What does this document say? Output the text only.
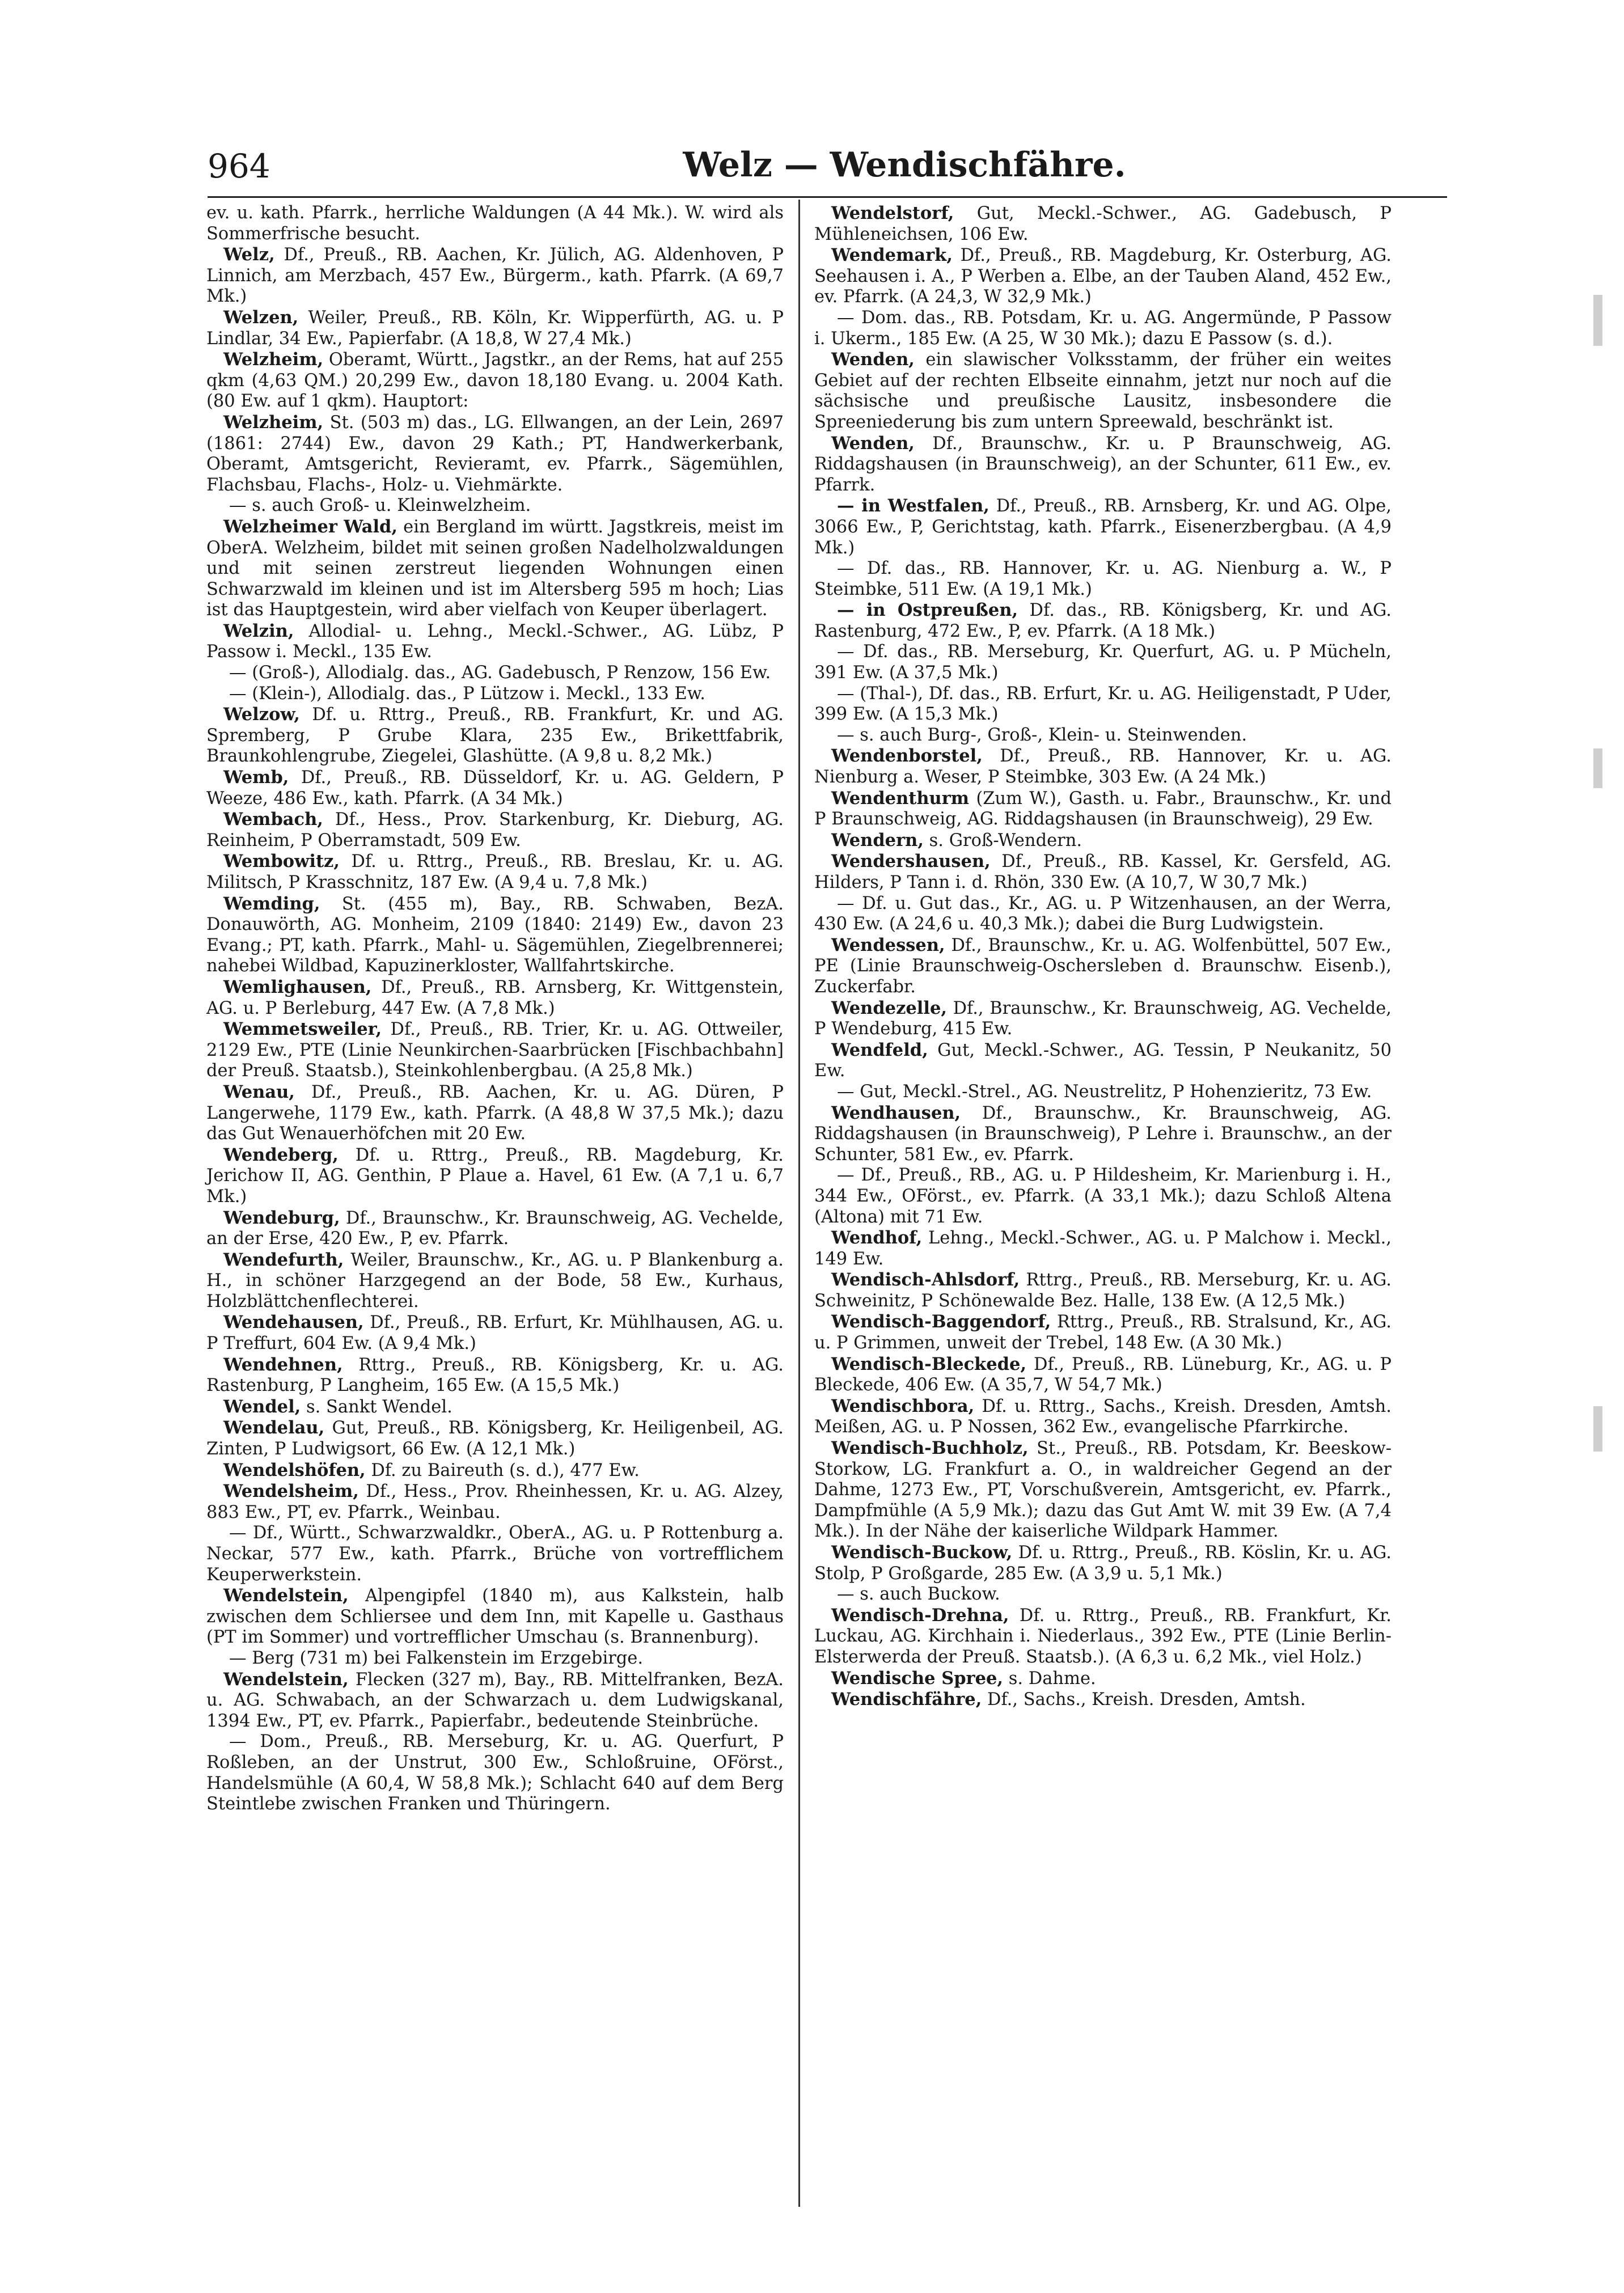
964	Welz — Wendischfähre.

ev. u. kath. Pfarrk., herrliche Waldungen (A 44 Mk.). W. wird als Sommerfrische besucht.

Welz, Df., Preuß., RB. Aachen, Kr. Jülich, AG. Aldenhoven, P Linnich, am Merzbach, 457 Ew., Bürgerm., kath. Pfarrk. (A 69,7 Mk.)

Welzen, Weiler, Preuß., RB. Köln, Kr. Wipperfürth, AG. u. P Lindlar, 34 Ew., Papierfabr. (A 18,8, W 27,4 Mk.)

Welzheim, Oberamt, Württ., Jagstkr., an der Rems, hat auf 255 qkm (4,63 QM.) 20,299 Ew., davon 18,180 Evang. u. 2004 Kath. (80 Ew. auf 1 qkm). Hauptort:

Welzheim, St. (503 m) das., LG. Ellwangen, an der Lein, 2697 (1861: 2744) Ew., davon 29 Kath.; PT, Handwerkerbank, Oberamt, Amtsgericht, Revieramt, ev. Pfarrk., Sägemühlen, Flachsbau, Flachs-, Holz- u. Viehmärkte.

— s. auch Groß- u. Kleinwelzheim.

Welzheimer Wald, ein Bergland im württ. Jagstkreis, meist im OberA. Welzheim, bildet mit seinen großen Nadelholzwaldungen und mit seinen zerstreut liegenden Wohnungen einen Schwarzwald im kleinen und ist im Altersberg 595 m hoch; Lias ist das Hauptgestein, wird aber vielfach von Keuper überlagert.

Welzin, Allodial- u. Lehng., Meckl.-Schwer., AG. Lübz, P Passow i. Meckl., 135 Ew.

— (Groß-), Allodialg. das., AG. Gadebusch, P Renzow, 156 Ew.

— (Klein-), Allodialg. das., P Lützow i. Meckl., 133 Ew.

Welzow, Df. u. Rttrg., Preuß., RB. Frankfurt, Kr. und AG. Spremberg, P Grube Klara, 235 Ew., Brikettfabrik, Braunkohlengrube, Ziegelei, Glashütte. (A 9,8 u. 8,2 Mk.)

Wemb, Df., Preuß., RB. Düsseldorf, Kr. u. AG. Geldern, P Weeze, 486 Ew., kath. Pfarrk. (A 34 Mk.)

Wembach, Df., Hess., Prov. Starkenburg, Kr. Dieburg, AG. Reinheim, P Oberramstadt, 509 Ew.

Wembowitz, Df. u. Rttrg., Preuß., RB. Breslau, Kr. u. AG. Militsch, P Krasschnitz, 187 Ew. (A 9,4 u. 7,8 Mk.)

Wemding, St. (455 m), Bay., RB. Schwaben, BezA. Donauwörth, AG. Monheim, 2109 (1840: 2149) Ew., davon 23 Evang.; PT, kath. Pfarrk., Mahl- u. Sägemühlen, Ziegelbrennerei; nahebei Wildbad, Kapuzinerkloster, Wallfahrtskirche.

Wemlighausen, Df., Preuß., RB. Arnsberg, Kr. Wittgenstein, AG. u. P Berleburg, 447 Ew. (A 7,8 Mk.)

Wemmetsweiler, Df., Preuß., RB. Trier, Kr. u. AG. Ottweiler, 2129 Ew., PTE (Linie Neunkirchen-Saarbrücken [Fischbachbahn] der Preuß. Staatsb.), Steinkohlenbergbau. (A 25,8 Mk.)

Wenau, Df., Preuß., RB. Aachen, Kr. u. AG. Düren, P Langerwehe, 1179 Ew., kath. Pfarrk. (A 48,8 W 37,5 Mk.); dazu das Gut Wenauerhöfchen mit 20 Ew.

Wendeberg, Df. u. Rttrg., Preuß., RB. Magdeburg, Kr. Jerichow II, AG. Genthin, P Plaue a. Havel, 61 Ew. (A 7,1 u. 6,7 Mk.)

Wendeburg, Df., Braunschw., Kr. Braunschweig, AG. Vechelde, an der Erse, 420 Ew., P, ev. Pfarrk.

Wendefurth, Weiler, Braunschw., Kr., AG. u. P Blankenburg a. H., in schöner Harzgegend an der Bode, 58 Ew., Kurhaus, Holzblättchenflechterei.

Wendehausen, Df., Preuß., RB. Erfurt, Kr. Mühlhausen, AG. u. P Treffurt, 604 Ew. (A 9,4 Mk.)

Wendehnen, Rttrg., Preuß., RB. Königsberg, Kr. u. AG. Rastenburg, P Langheim, 165 Ew. (A 15,5 Mk.)

Wendel, s. Sankt Wendel.

Wendelau, Gut, Preuß., RB. Königsberg, Kr. Heiligenbeil, AG. Zinten, P Ludwigsort, 66 Ew. (A 12,1 Mk.)

Wendelshöfen, Df. zu Baireuth (s. d.), 477 Ew.

Wendelsheim, Df., Hess., Prov. Rheinhessen, Kr. u. AG. Alzey, 883 Ew., PT, ev. Pfarrk., Weinbau.

— Df., Württ., Schwarzwaldkr., OberA., AG. u. P Rottenburg a. Neckar, 577 Ew., kath. Pfarrk., Brüche von vortrefflichem Keuperwerkstein.

Wendelstein, Alpengipfel (1840 m), aus Kalkstein, halb zwischen dem Schliersee und dem Inn, mit Kapelle u. Gasthaus (PT im Sommer) und vortrefflicher Umschau (s. Brannenburg).

— Berg (731 m) bei Falkenstein im Erzgebirge.

Wendelstein, Flecken (327 m), Bay., RB. Mittelfranken, BezA. u. AG. Schwabach, an der Schwarzach u. dem Ludwigskanal, 1394 Ew., PT, ev. Pfarrk., Papierfabr., bedeutende Steinbrüche.

— Dom., Preuß., RB. Merseburg, Kr. u. AG. Querfurt, P Roßleben, an der Unstrut, 300 Ew., Schloßruine, OFörst., Handelsmühle (A 60,4, W 58,8 Mk.); Schlacht 640 auf dem Berg Steintlebe zwischen Franken und Thüringern.

Wendelstorf, Gut, Meckl.-Schwer., AG. Gadebusch, P Mühleneichsen, 106 Ew.

Wendemark, Df., Preuß., RB. Magdeburg, Kr. Osterburg, AG. Seehausen i. A., P Werben a. Elbe, an der Tauben Aland, 452 Ew., ev. Pfarrk. (A 24,3, W 32,9 Mk.)

— Dom. das., RB. Potsdam, Kr. u. AG. Angermünde, P Passow i. Ukerm., 185 Ew. (A 25, W 30 Mk.); dazu E Passow (s. d.).

Wenden, ein slawischer Volksstamm, der früher ein weites Gebiet auf der rechten Elbseite einnahm, jetzt nur noch auf die sächsische und preußische Lausitz, insbesondere die Spreeniederung bis zum untern Spreewald, beschränkt ist.

Wenden, Df., Braunschw., Kr. u. P Braunschweig, AG. Riddagshausen (in Braunschweig), an der Schunter, 611 Ew., ev. Pfarrk.

— in Westfalen, Df., Preuß., RB. Arnsberg, Kr. und AG. Olpe, 3066 Ew., P, Gerichtstag, kath. Pfarrk., Eisenerzbergbau. (A 4,9 Mk.)

— Df. das., RB. Hannover, Kr. u. AG. Nienburg a. W., P Steimbke, 511 Ew. (A 19,1 Mk.)

— in Ostpreußen, Df. das., RB. Königsberg, Kr. und AG. Rastenburg, 472 Ew., P, ev. Pfarrk. (A 18 Mk.)

— Df. das., RB. Merseburg, Kr. Querfurt, AG. u. P Mücheln, 391 Ew. (A 37,5 Mk.)

— (Thal-), Df. das., RB. Erfurt, Kr. u. AG. Heiligenstadt, P Uder, 399 Ew. (A 15,3 Mk.)

— s. auch Burg-, Groß-, Klein- u. Steinwenden.

Wendenborstel, Df., Preuß., RB. Hannover, Kr. u. AG. Nienburg a. Weser, P Steimbke, 303 Ew. (A 24 Mk.)

Wendenthurm (Zum W.), Gasth. u. Fabr., Braunschw., Kr. und P Braunschweig, AG. Riddagshausen (in Braunschweig), 29 Ew.

Wendern, s. Groß-Wendern.

Wendershausen, Df., Preuß., RB. Kassel, Kr. Gersfeld, AG. Hilders, P Tann i. d. Rhön, 330 Ew. (A 10,7, W 30,7 Mk.)

— Df. u. Gut das., Kr., AG. u. P Witzenhausen, an der Werra, 430 Ew. (A 24,6 u. 40,3 Mk.); dabei die Burg Ludwigstein.

Wendessen, Df., Braunschw., Kr. u. AG. Wolfenbüttel, 507 Ew., PE (Linie Braunschweig-Oschersleben d. Braunschw. Eisenb.), Zuckerfabr.

Wendezelle, Df., Braunschw., Kr. Braunschweig, AG. Vechelde, P Wendeburg, 415 Ew.

Wendfeld, Gut, Meckl.-Schwer., AG. Tessin, P Neukanitz, 50 Ew.

— Gut, Meckl.-Strel., AG. Neustrelitz, P Hohenzieritz, 73 Ew.

Wendhausen, Df., Braunschw., Kr. Braunschweig, AG. Riddagshausen (in Braunschweig), P Lehre i. Braunschw., an der Schunter, 581 Ew., ev. Pfarrk.

— Df., Preuß., RB., AG. u. P Hildesheim, Kr. Marienburg i. H., 344 Ew., OFörst., ev. Pfarrk. (A 33,1 Mk.); dazu Schloß Altena (Altona) mit 71 Ew.

Wendhof, Lehng., Meckl.-Schwer., AG. u. P Malchow i. Meckl., 149 Ew.

Wendisch-Ahlsdorf, Rttrg., Preuß., RB. Merseburg, Kr. u. AG. Schweinitz, P Schönewalde Bez. Halle, 138 Ew. (A 12,5 Mk.)

Wendisch-Baggendorf, Rttrg., Preuß., RB. Stralsund, Kr., AG. u. P Grimmen, unweit der Trebel, 148 Ew. (A 30 Mk.)

Wendisch-Bleckede, Df., Preuß., RB. Lüneburg, Kr., AG. u. P Bleckede, 406 Ew. (A 35,7, W 54,7 Mk.)

Wendischbora, Df. u. Rttrg., Sachs., Kreish. Dresden, Amtsh. Meißen, AG. u. P Nossen, 362 Ew., evangelische Pfarrkirche.

Wendisch-Buchholz, St., Preuß., RB. Potsdam, Kr. Beeskow-Storkow, LG. Frankfurt a. O., in waldreicher Gegend an der Dahme, 1273 Ew., PT, Vorschußverein, Amtsgericht, ev. Pfarrk., Dampfmühle (A 5,9 Mk.); dazu das Gut Amt W. mit 39 Ew. (A 7,4 Mk.). In der Nähe der kaiserliche Wildpark Hammer.

Wendisch-Buckow, Df. u. Rttrg., Preuß., RB. Köslin, Kr. u. AG. Stolp, P Großgarde, 285 Ew. (A 3,9 u. 5,1 Mk.)

— s. auch Buckow.

Wendisch-Drehna, Df. u. Rttrg., Preuß., RB. Frankfurt, Kr. Luckau, AG. Kirchhain i. Niederlaus., 392 Ew., PTE (Linie Berlin-Elsterwerda der Preuß. Staatsb.). (A 6,3 u. 6,2 Mk., viel Holz.)

Wendische Spree, s. Dahme.

Wendischfähre, Df., Sachs., Kreish. Dresden, Amtsh.
